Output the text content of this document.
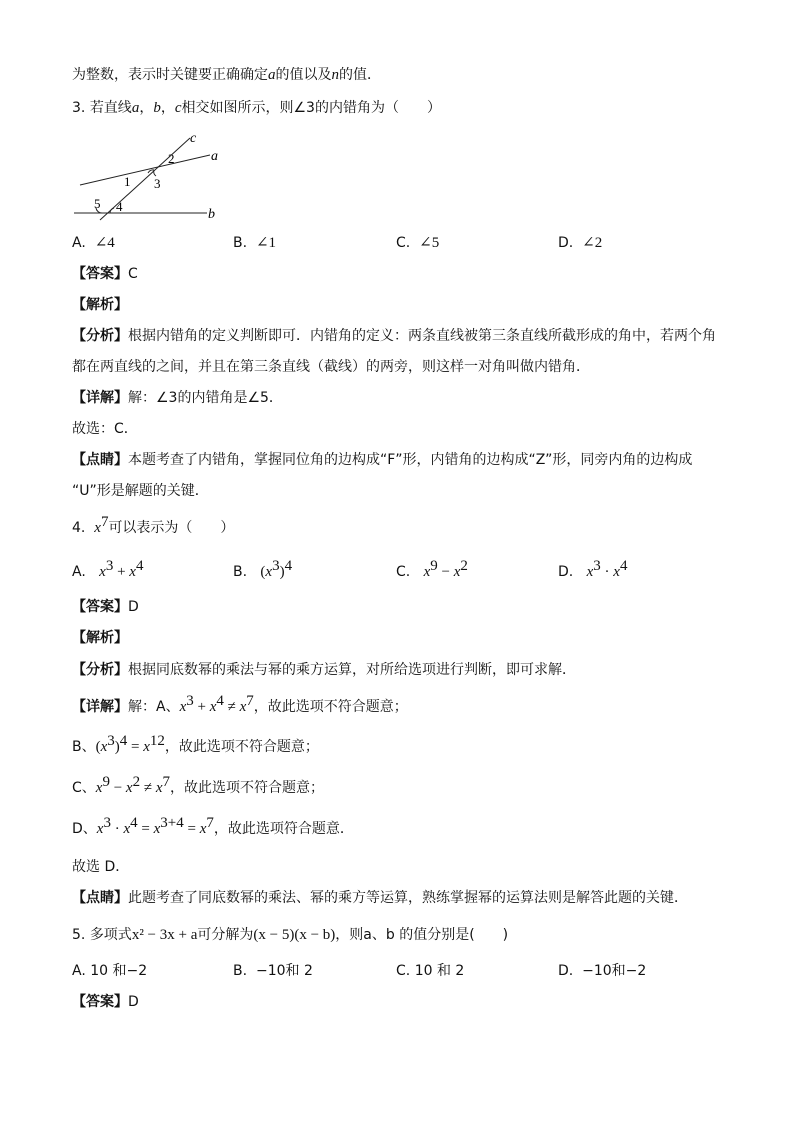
为整数，表示时关键要正确确定a的值以及n的值．
3. 若直线a，b，c相交如图所示，则∠3的内错角为（　　）
c
a
b
2
1 3
5 4
A. ∠4	B. ∠1	C. ∠5	D. ∠2
【答案】C
【解析】
【分析】根据内错角的定义判断即可．内错角的定义：两条直线被第三条直线所截形成的角中，若两个角
都在两直线的之间，并且在第三条直线（截线）的两旁，则这样一对角叫做内错角．
【详解】解：∠3的内错角是∠5．
故选：C．
【点睛】本题考查了内错角，掌握同位角的边构成“F”形，内错角的边构成“Z”形，同旁内角的边构成
“U”形是解题的关键．
4. $x^7$可以表示为（　　）
A. $x^3 + x^4$	B. $(x^3)^4$	C. $x^9 - x^2$	D. $x^3 \cdot x^4$
【答案】D
【解析】
【分析】根据同底数幂的乘法与幂的乘方运算，对所给选项进行判断，即可求解．
【详解】解：A、$x^3 + x^4 \ne x^7$，故此选项不符合题意；
B、$(x^3)^4 = x^{12}$，故此选项不符合题意；
C、$x^9 - x^2 \ne x^7$，故此选项不符合题意；
D、$x^3 \cdot x^4 = x^{3+4} = x^7$，故此选项符合题意．
故选 D．
【点睛】此题考查了同底数幂的乘法、幂的乘方等运算，熟练掌握幂的运算法则是解答此题的关键．
5. 多项式x² − 3x + a可分解为(x − 5)(x − b)，则a、b 的值分别是(　　)
A. 10 和−2	B. −10和 2	C. 10 和 2	D. −10和−2
【答案】D
